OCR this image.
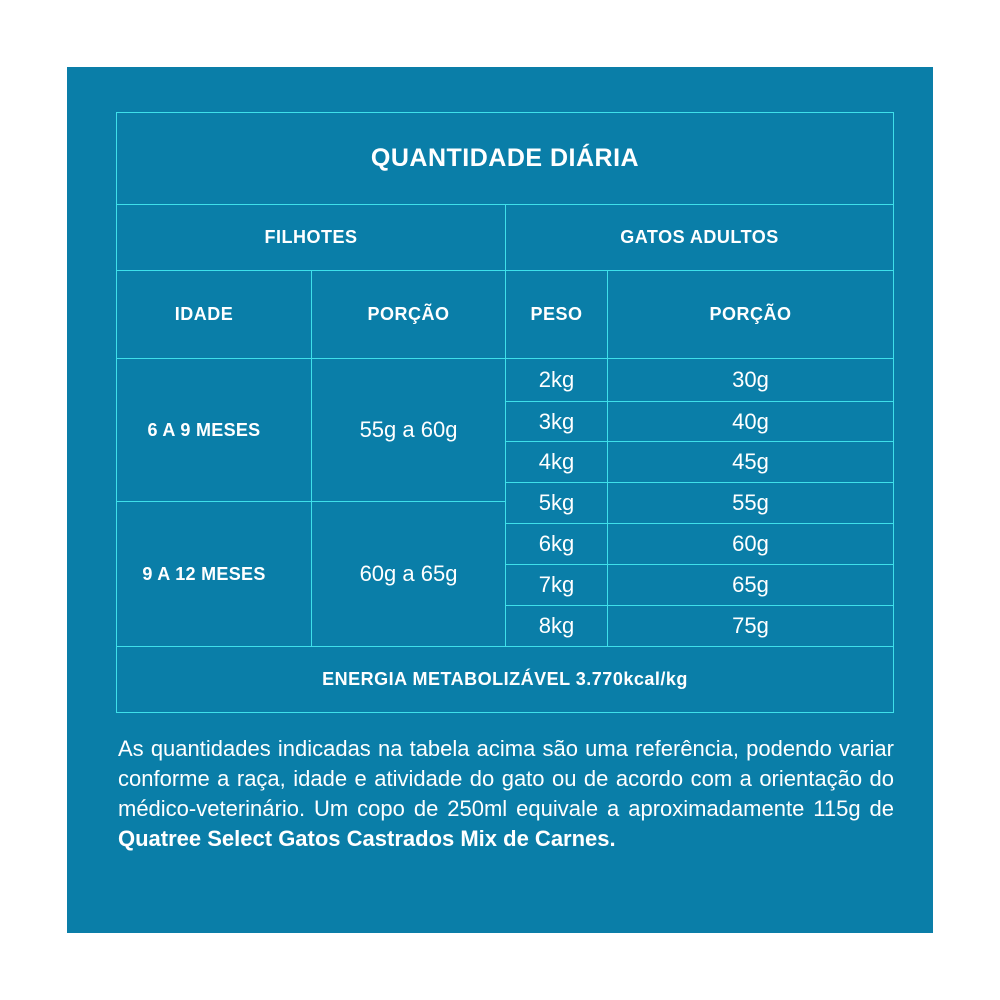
QUANTIDADE DIÁRIA
FILHOTES	GATOS ADULTOS
IDADE	PORÇÃO	PESO	PORÇÃO
6 A 9 MESES	55g a 60g
9 A 12 MESES	60g a 65g
2kg	30g
3kg	40g
4kg	45g
5kg	55g
6kg	60g
7kg	65g
8kg	75g
ENERGIA METABOLIZÁVEL 3.770kcal/kg
As quantidades indicadas na tabela acima são uma referência, podendo variar conforme a raça, idade e atividade do gato ou de acordo com a orientação do médico-veterinário. Um copo de 250ml equivale a aproximadamente 115g de Quatree Select Gatos Castrados Mix de Carnes.
